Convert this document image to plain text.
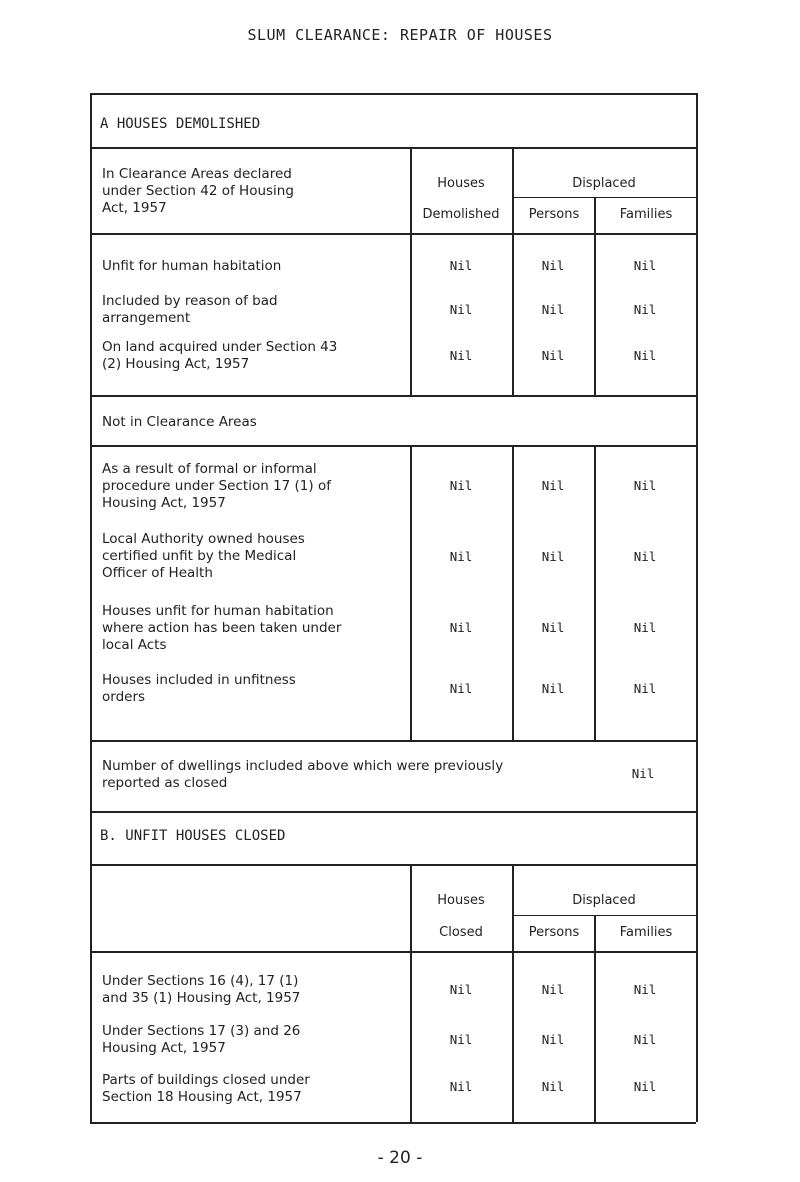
SLUM CLEARANCE: REPAIR OF HOUSES
A HOUSES DEMOLISHED
In Clearance Areas declared
under Section 42 of Housing
Act, 1957
Houses
Demolished
Displaced
Persons	Families
Unfit for human habitation	Nil	Nil	Nil
Included by reason of bad
arrangement
Nil	Nil	Nil
On land acquired under Section 43
(2) Housing Act, 1957
Nil	Nil	Nil
Not in Clearance Areas
As a result of formal or informal
procedure under Section 17 (1) of
Housing Act, 1957
Nil	Nil	Nil
Local Authority owned houses
certified unfit by the Medical
Officer of Health
Nil	Nil	Nil
Houses unfit for human habitation
where action has been taken under
local Acts
Nil	Nil	Nil
Houses included in unfitness
orders
Nil	Nil	Nil
Number of dwellings included above which were previously
reported as closed
Nil
B. UNFIT HOUSES CLOSED
Houses
Closed
Displaced
Persons	Families
Under Sections 16 (4), 17 (1)
and 35 (1) Housing Act, 1957
Nil	Nil	Nil
Under Sections 17 (3) and 26
Housing Act, 1957
Nil	Nil	Nil
Parts of buildings closed under
Section 18 Housing Act, 1957
Nil	Nil	Nil
- 20 -
